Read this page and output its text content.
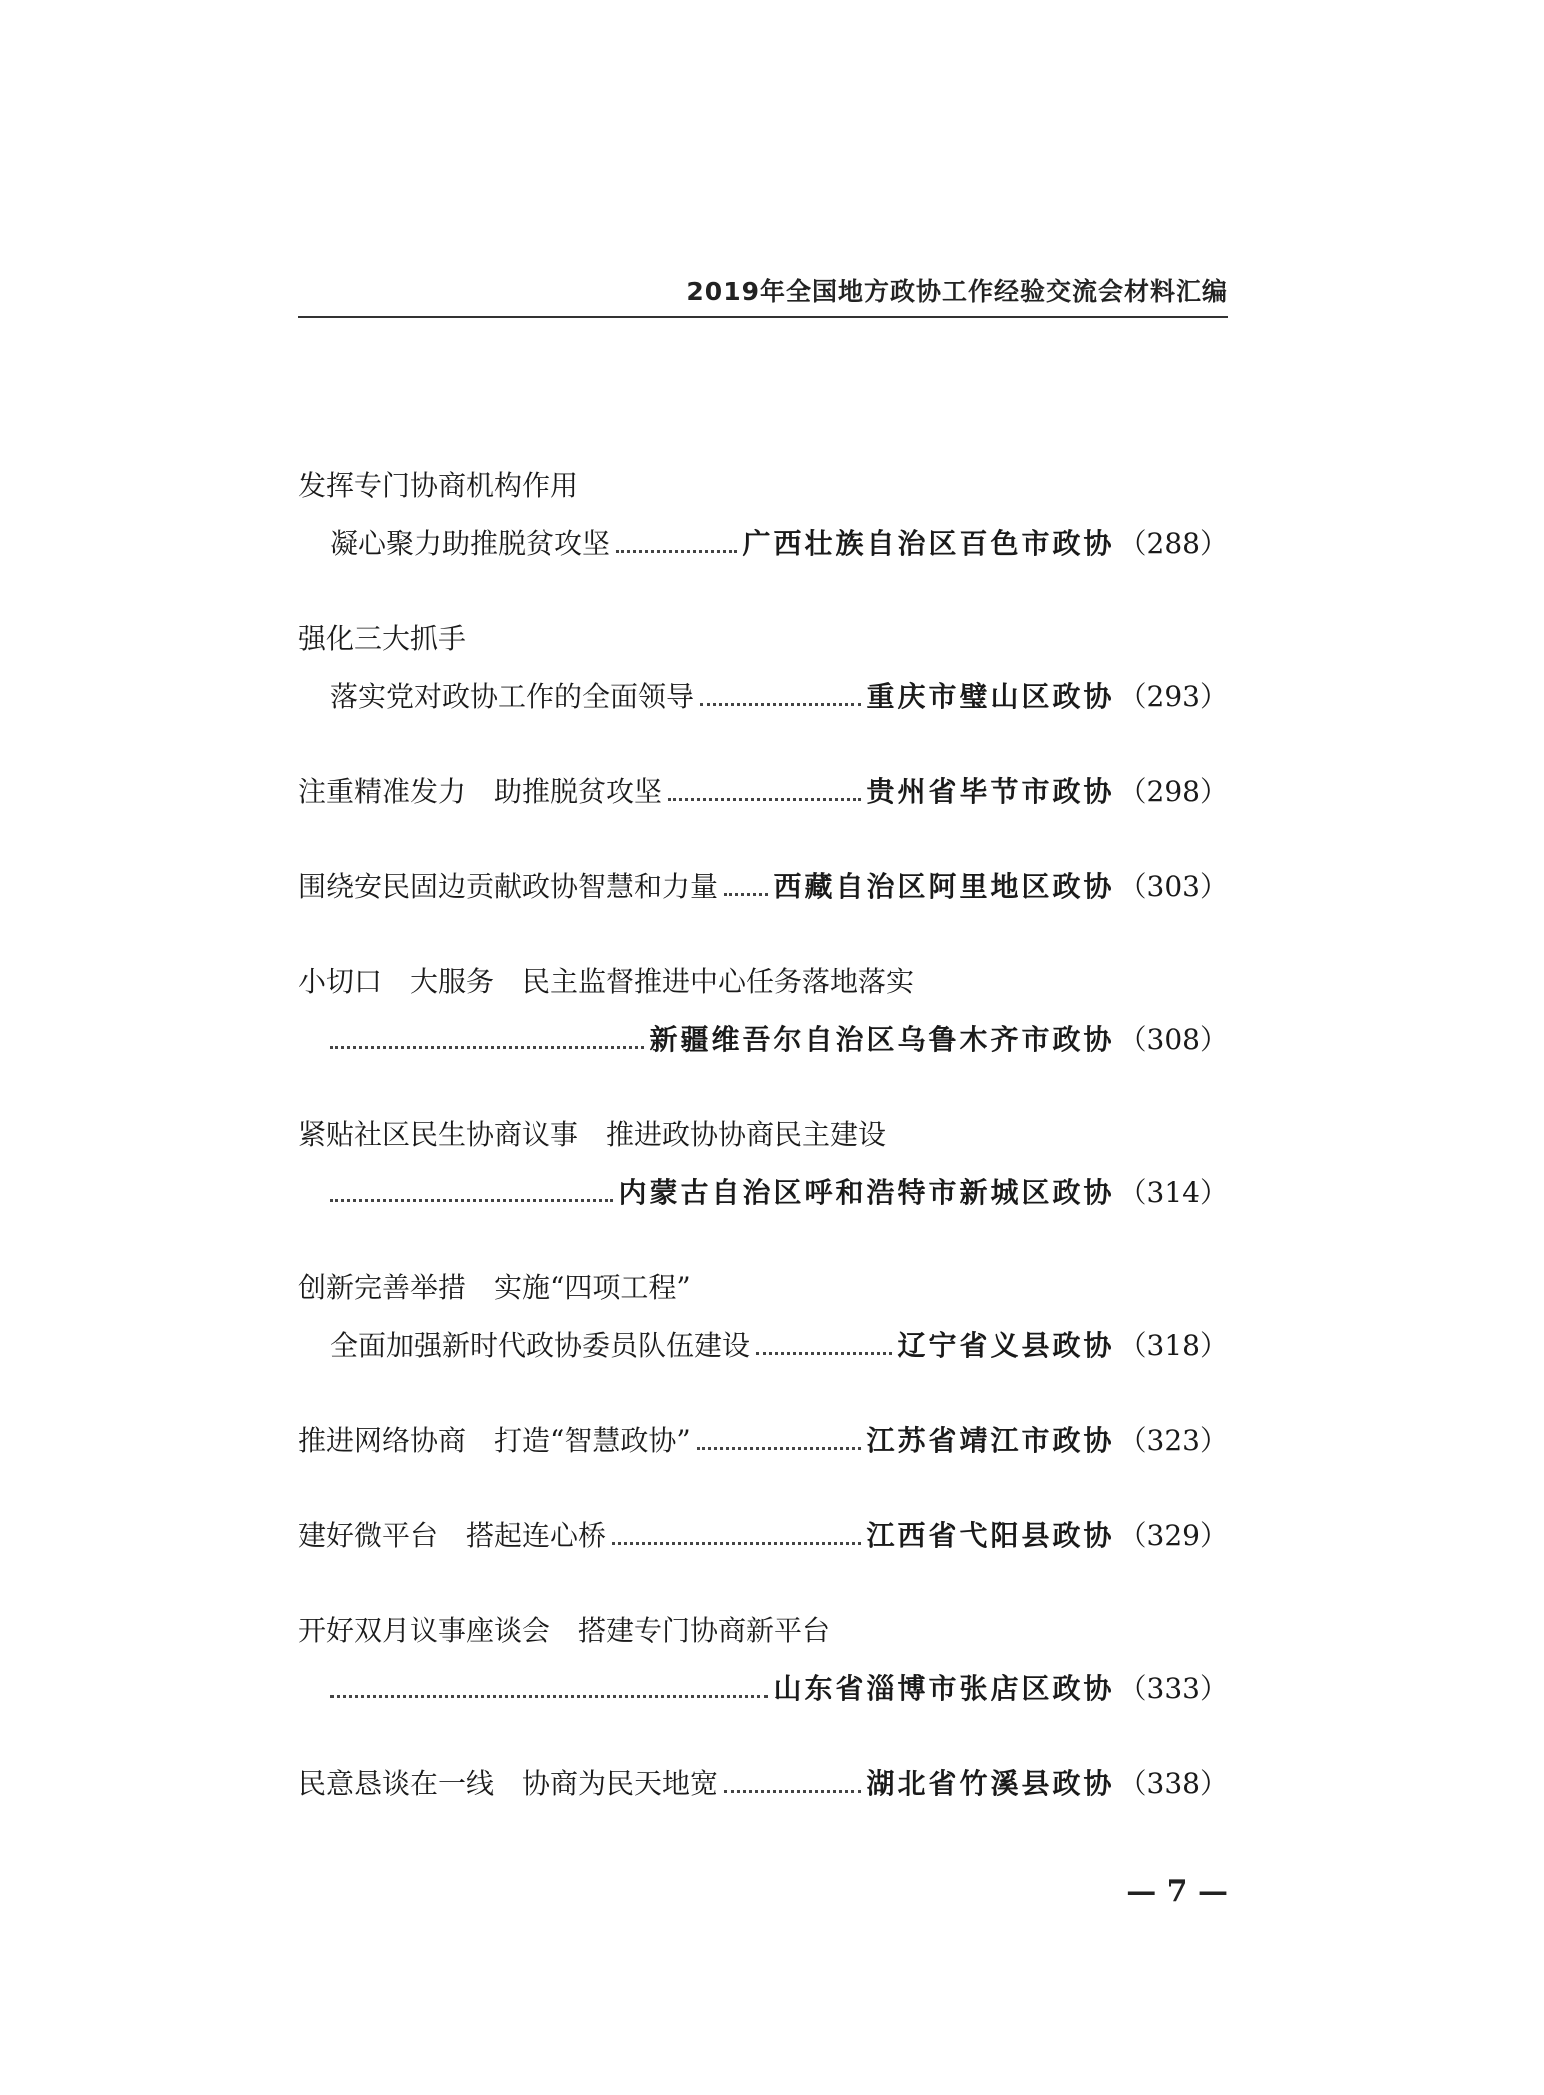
2019年全国地方政协工作经验交流会材料汇编
发挥专门协商机构作用
凝心聚力助推脱贫攻坚	广西壮族自治区百色市政协 （288）
强化三大抓手
落实党对政协工作的全面领导	重庆市璧山区政协 （293）
注重精准发力　助推脱贫攻坚	贵州省毕节市政协 （298）
围绕安民固边贡献政协智慧和力量 西藏自治区阿里地区政协 （303）
小切口　大服务　民主监督推进中心任务落地落实
新疆维吾尔自治区乌鲁木齐市政协 （308）
紧贴社区民生协商议事　推进政协协商民主建设
内蒙古自治区呼和浩特市新城区政协 （314）
创新完善举措　实施“四项工程”
全面加强新时代政协委员队伍建设	辽宁省义县政协 （318）
推进网络协商　打造“智慧政协”	江苏省靖江市政协 （323）
建好微平台　搭起连心桥	江西省弋阳县政协 （329）
开好双月议事座谈会　搭建专门协商新平台
山东省淄博市张店区政协 （333）
民意恳谈在一线　协商为民天地宽	湖北省竹溪县政协 （338）
— 7 —
